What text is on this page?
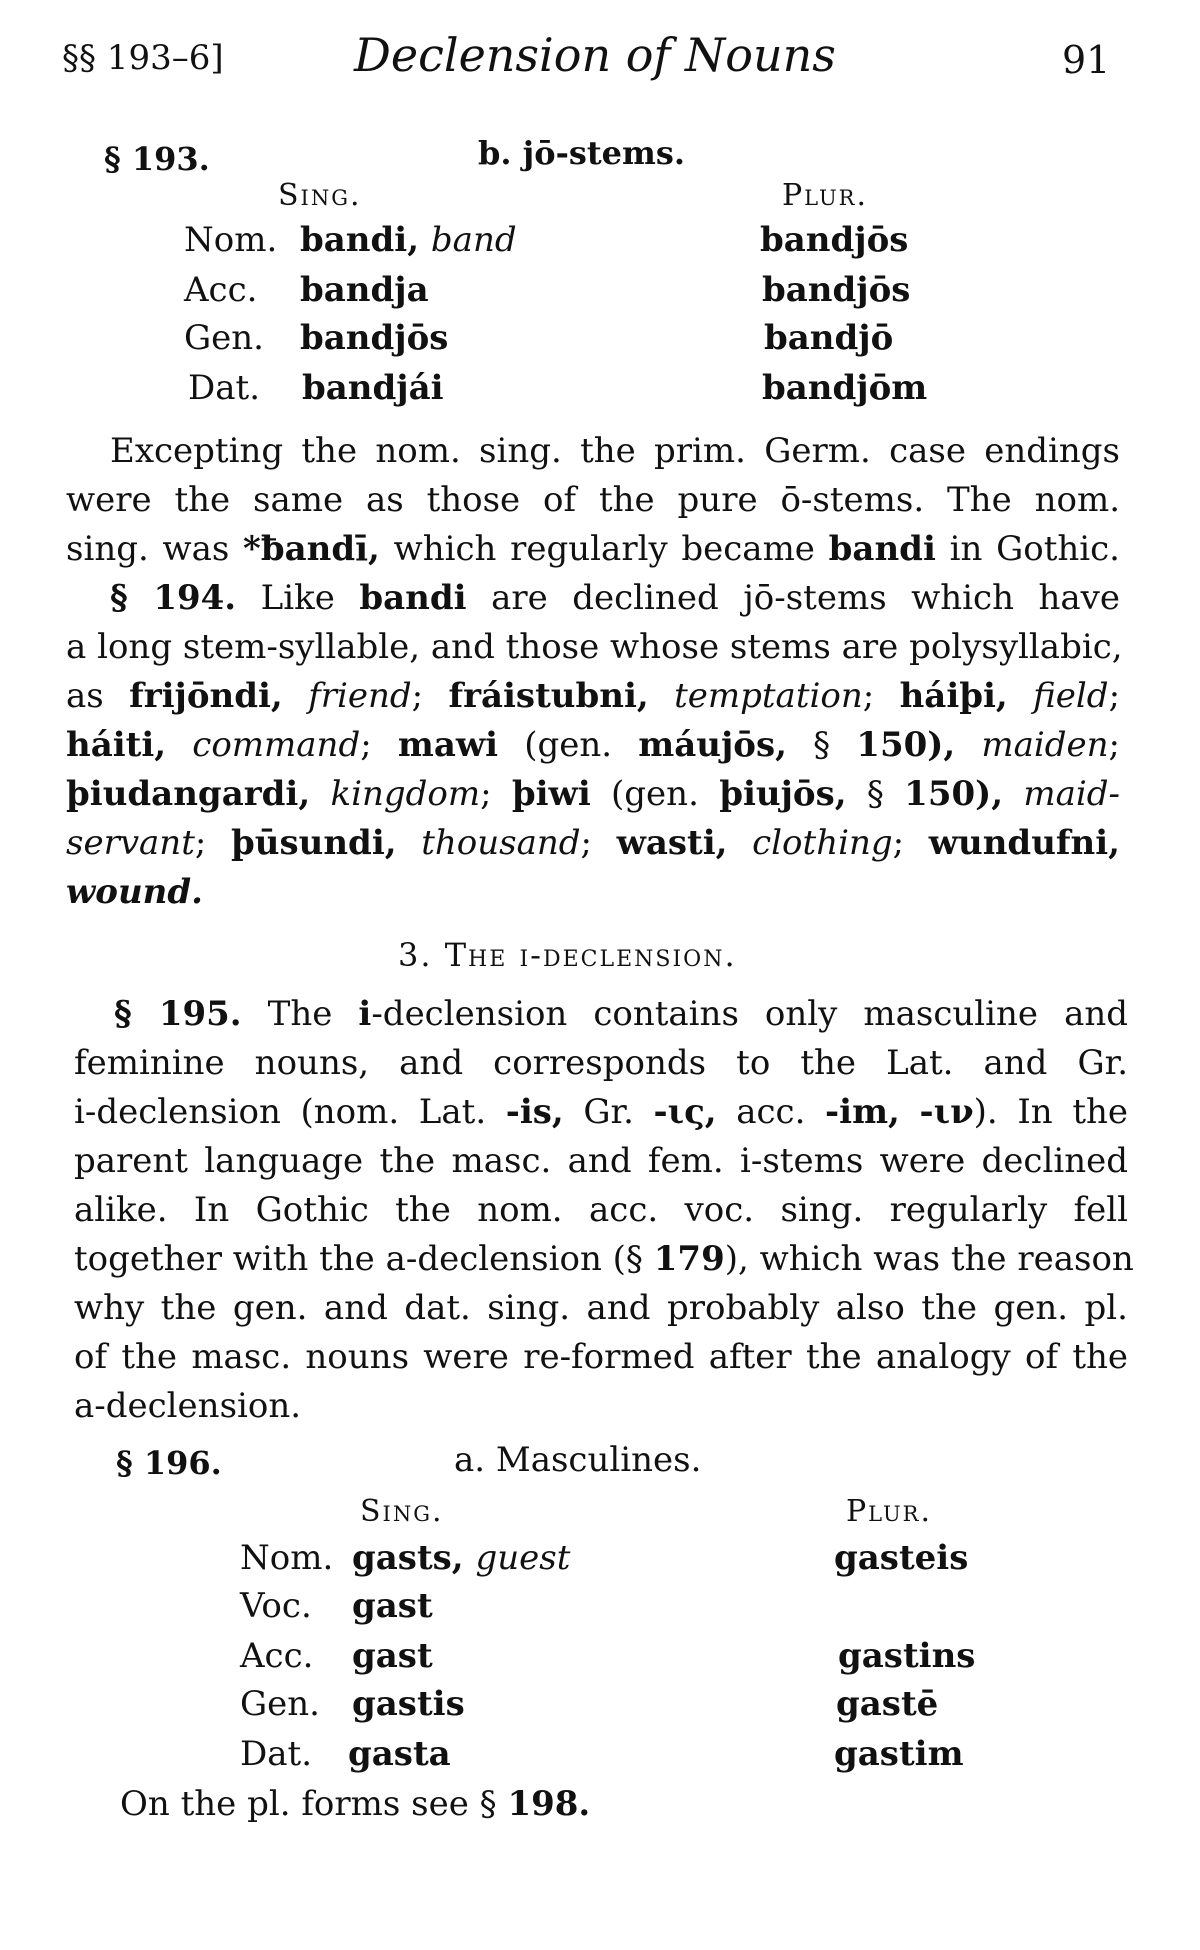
§§ 193–6]	Declension of Nouns	91
§ 193.	b. jō-stems.
Sing.	Plur.
Nom. bandi, band	bandjōs
Acc. bandja	bandjōs
Gen. bandjōs	bandjō
Dat. bandjái	bandjōm
Excepting the nom. sing. the prim. Germ. case endings
were the same as those of the pure ō-stems. The nom.
sing. was *ƀandī, which regularly became bandi in Gothic.
§ 194. Like bandi are declined jō-stems which have
a long stem-syllable, and those whose stems are polysyllabic,
as frijōndi, friend; fráistubni, temptation; háiþi, field;
háiti, command; mawi (gen. máujōs, § 150), maiden;
þiudangardi, kingdom; þiwi (gen. þiujōs, § 150), maid-
servant; þūsundi, thousand; wasti, clothing; wundufni,
wound.
3. The i-declension.
§ 195. The i-declension contains only masculine and
feminine nouns, and corresponds to the Lat. and Gr.
i-declension (nom. Lat. -is, Gr. -ις, acc. -im, -ιν). In the
parent language the masc. and fem. i-stems were declined
alike. In Gothic the nom. acc. voc. sing. regularly fell
together with the a-declension (§ 179), which was the reason
why the gen. and dat. sing. and probably also the gen. pl.
of the masc. nouns were re-formed after the analogy of the
a-declension.
§ 196.	a. Masculines.
Sing.	Plur.
Nom. gasts, guest	gasteis
Voc. gast
Acc. gast	gastins
Gen. gastis	gastē
Dat. gasta	gastim
On the pl. forms see § 198.
